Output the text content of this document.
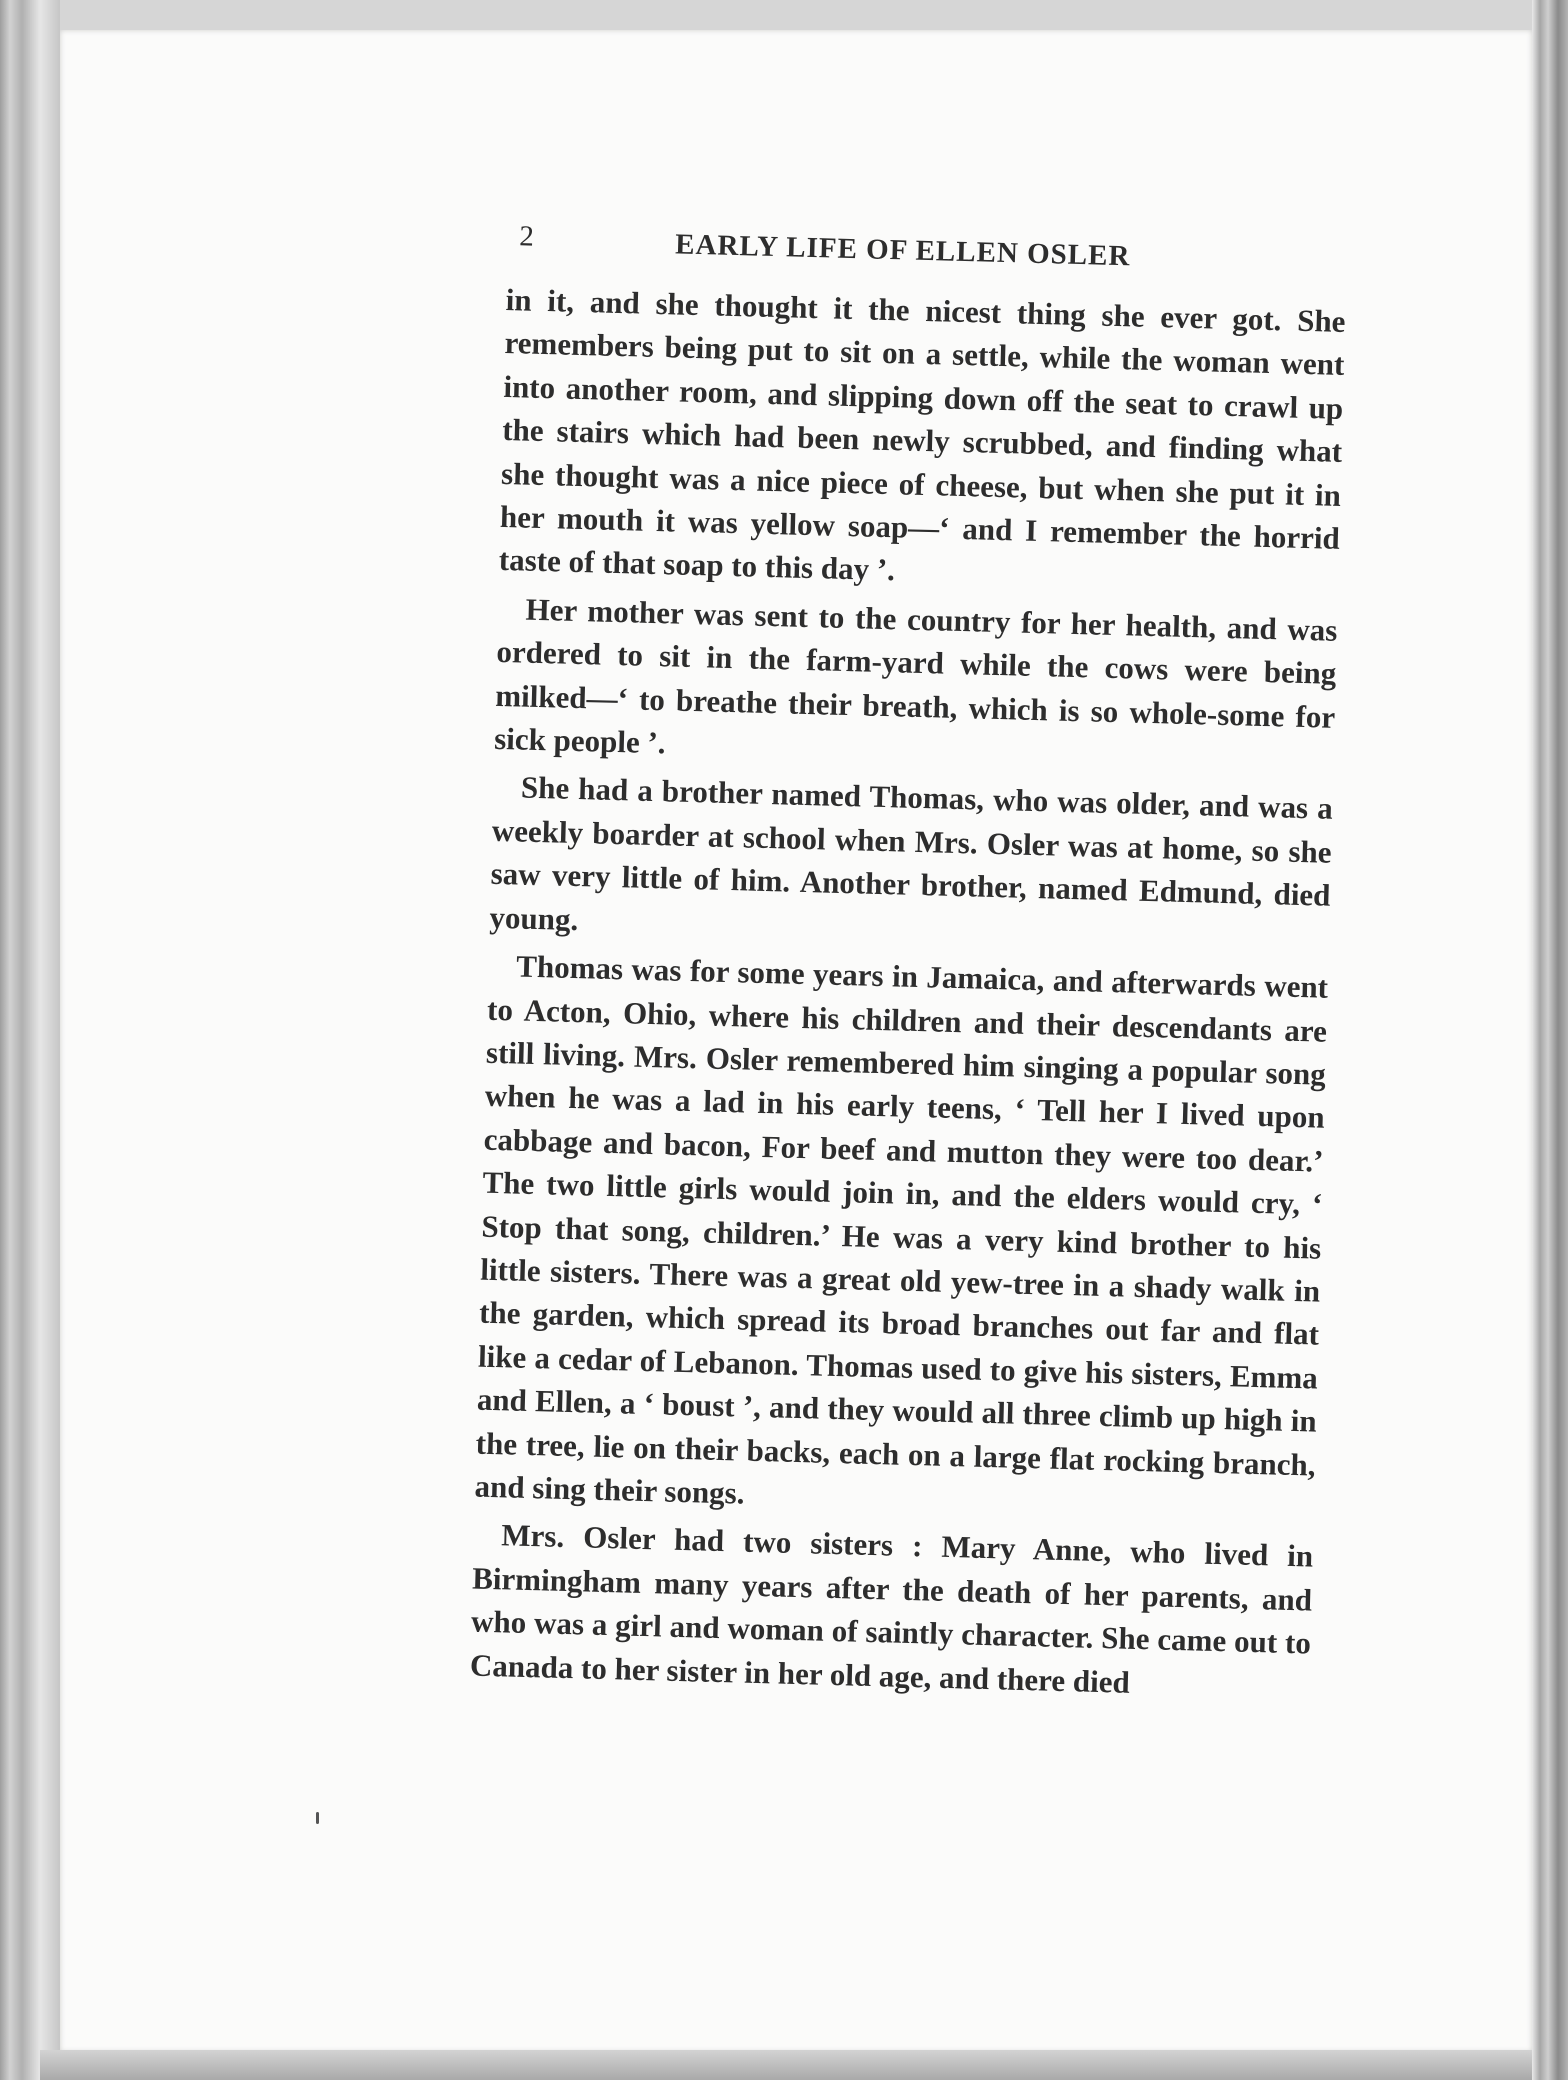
2	EARLY LIFE OF ELLEN OSLER

in it, and she thought it the nicest thing she ever got. She remembers being put to sit on a settle, while the woman went into another room, and slipping down off the seat to crawl up the stairs which had been newly scrubbed, and finding what she thought was a nice piece of cheese, but when she put it in her mouth it was yellow soap—‘ and I remember the horrid taste of that soap to this day ’.

Her mother was sent to the country for her health, and was ordered to sit in the farm-yard while the cows were being milked—‘ to breathe their breath, which is so whole-some for sick people ’.

She had a brother named Thomas, who was older, and was a weekly boarder at school when Mrs. Osler was at home, so she saw very little of him. Another brother, named Edmund, died young.

Thomas was for some years in Jamaica, and afterwards went to Acton, Ohio, where his children and their descendants are still living. Mrs. Osler remembered him singing a popular song when he was a lad in his early teens, ‘ Tell her I lived upon cabbage and bacon, For beef and mutton they were too dear.’ The two little girls would join in, and the elders would cry, ‘ Stop that song, children.’ He was a very kind brother to his little sisters. There was a great old yew-tree in a shady walk in the garden, which spread its broad branches out far and flat like a cedar of Lebanon. Thomas used to give his sisters, Emma and Ellen, a ‘ boust ’, and they would all three climb up high in the tree, lie on their backs, each on a large flat rocking branch, and sing their songs.

Mrs. Osler had two sisters : Mary Anne, who lived in Birmingham many years after the death of her parents, and who was a girl and woman of saintly character. She came out to Canada to her sister in her old age, and there died
